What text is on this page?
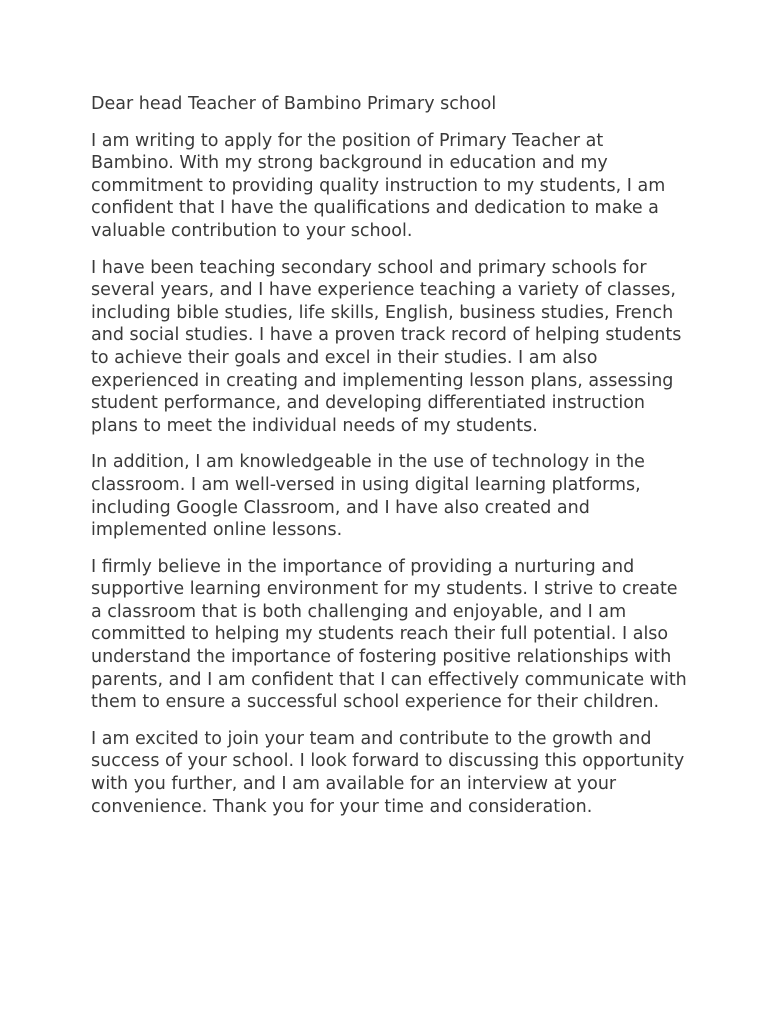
Dear head Teacher of Bambino Primary school

I am writing to apply for the position of Primary Teacher at Bambino. With my strong background in education and my commitment to providing quality instruction to my students, I am confident that I have the qualifications and dedication to make a valuable contribution to your school.

I have been teaching secondary school and primary schools for several years, and I have experience teaching a variety of classes, including bible studies, life skills, English, business studies, French and social studies. I have a proven track record of helping students to achieve their goals and excel in their studies. I am also experienced in creating and implementing lesson plans, assessing student performance, and developing differentiated instruction plans to meet the individual needs of my students.

In addition, I am knowledgeable in the use of technology in the classroom. I am well-versed in using digital learning platforms, including Google Classroom, and I have also created and implemented online lessons.

I firmly believe in the importance of providing a nurturing and supportive learning environment for my students. I strive to create a classroom that is both challenging and enjoyable, and I am committed to helping my students reach their full potential. I also understand the importance of fostering positive relationships with parents, and I am confident that I can effectively communicate with them to ensure a successful school experience for their children.

I am excited to join your team and contribute to the growth and success of your school. I look forward to discussing this opportunity with you further, and I am available for an interview at your convenience. Thank you for your time and consideration.
